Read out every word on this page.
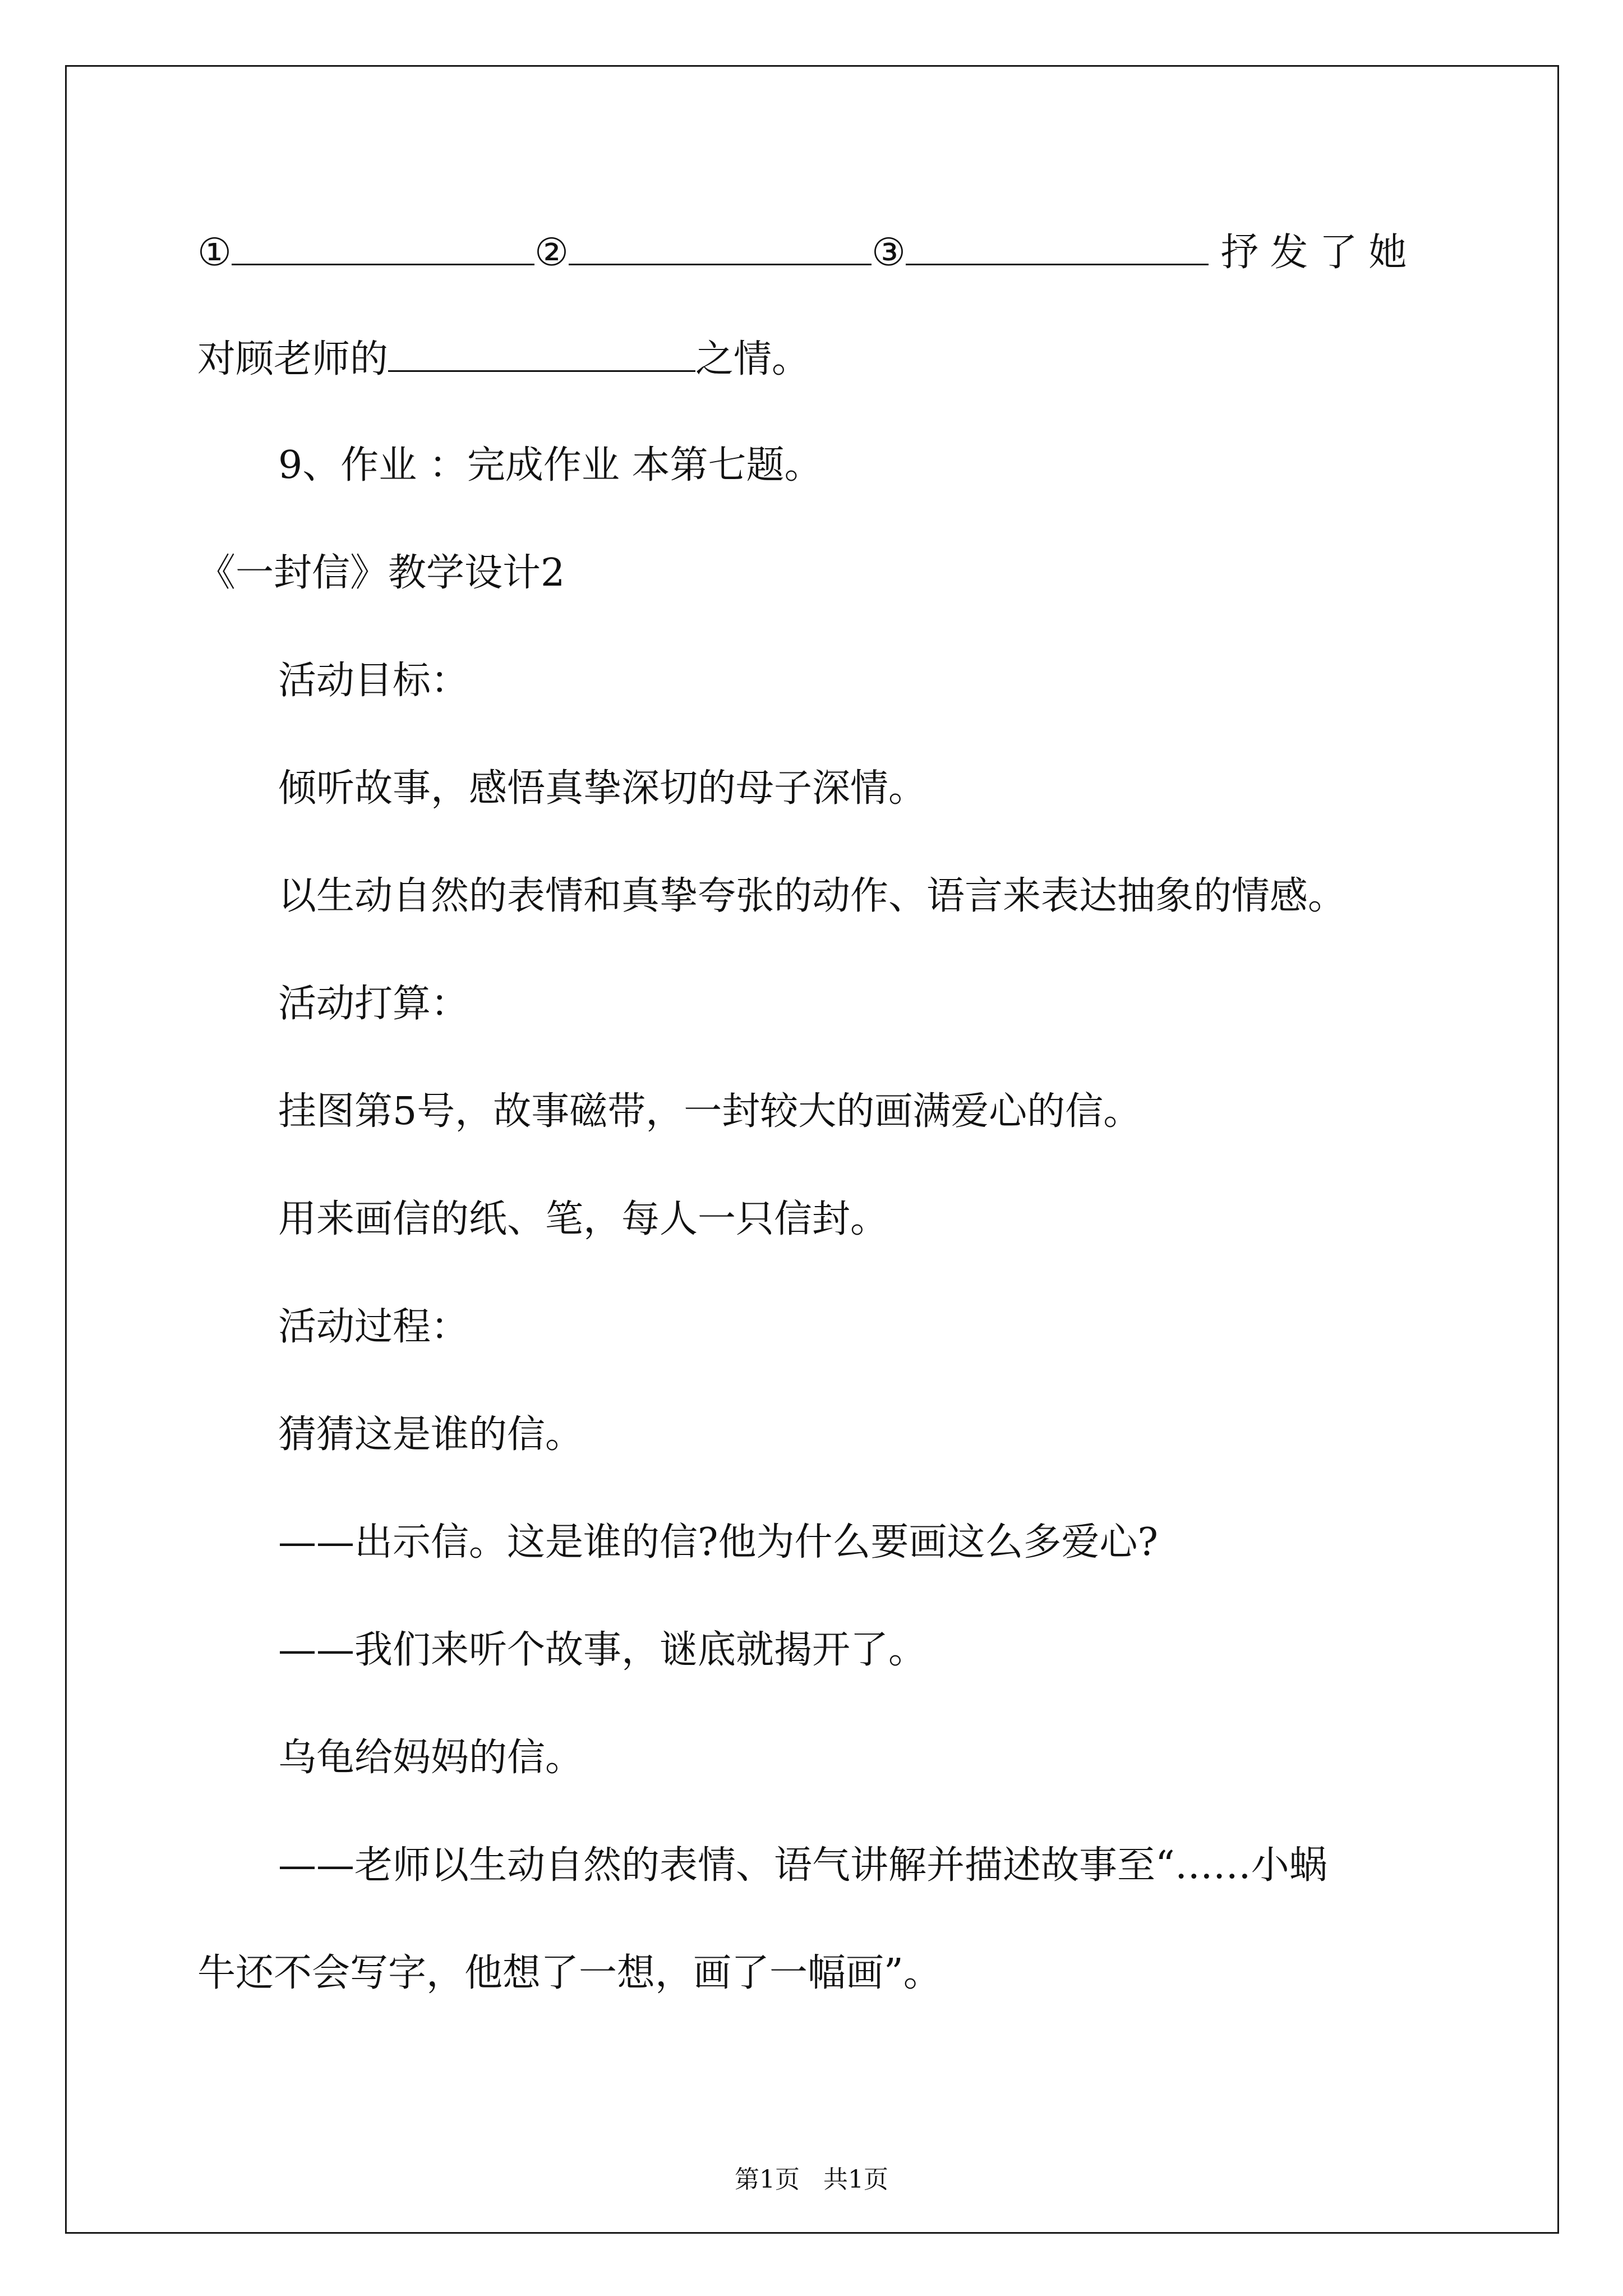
①	②	③	抒发了她
对顾老师的	之情。
9、作业 ：完成作业 本第七题。
《一封信》教学设计2
活动目标：
倾听故事，感悟真挚深切的母子深情。
以生动自然的表情和真挚夸张的动作、语言来表达抽象的情感。
活动打算：
挂图第5号，故事磁带，一封较大的画满爱心的信。
用来画信的纸、笔，每人一只信封。
活动过程：
猜猜这是谁的信。
——出示信。这是谁的信?他为什么要画这么多爱心?
——我们来听个故事，谜底就揭开了。
乌龟给妈妈的信。
——老师以生动自然的表情、语气讲解并描述故事至“……小蜗
牛还不会写字，他想了一想，画了一幅画”。
第1页   共1页
